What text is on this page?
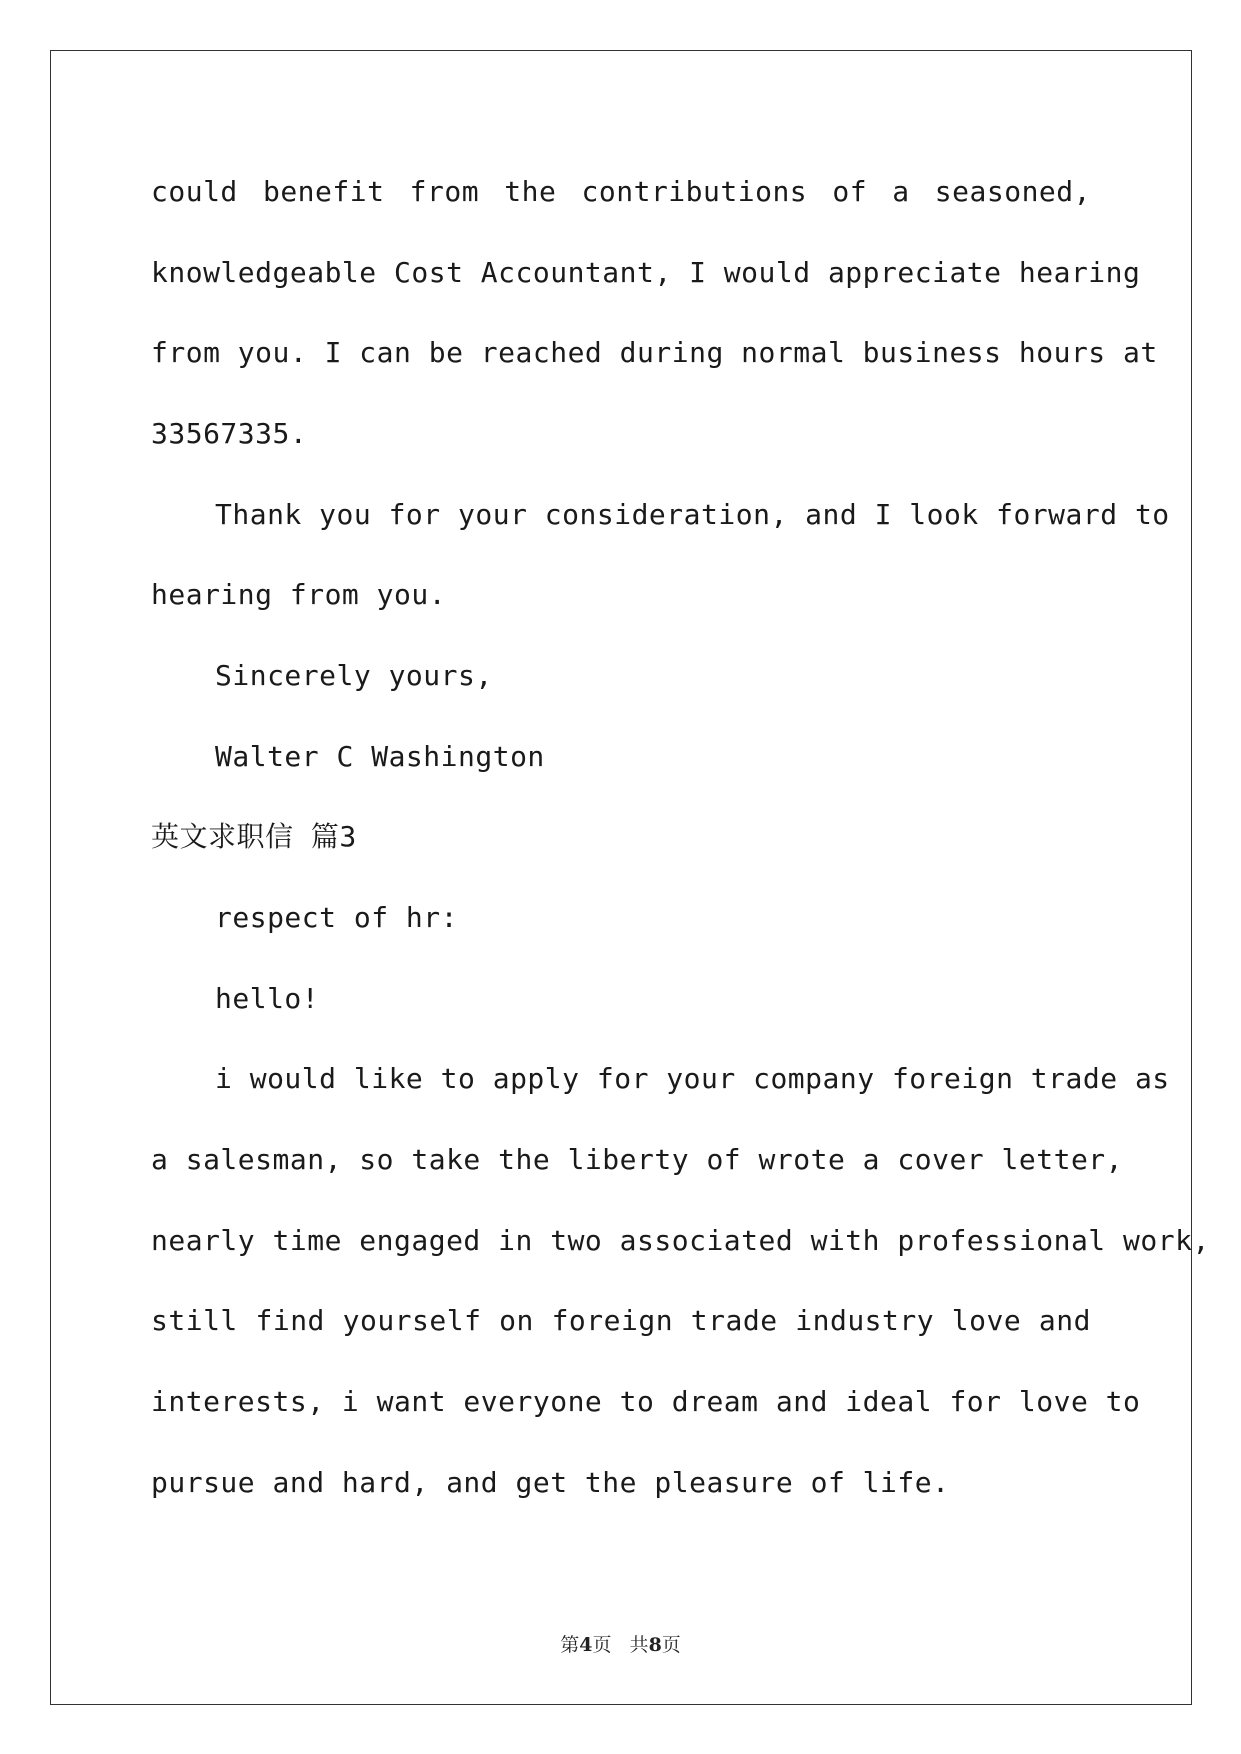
could benefit from the contributions of a seasoned,
knowledgeable Cost Accountant, I would appreciate hearing
from you. I can be reached during normal business hours at
33567335.
Thank you for your consideration, and I look forward to
hearing from you.
Sincerely yours,
Walter C Washington
英文求职信 篇3
respect of hr:
hello!
i would like to apply for your company foreign trade as
a salesman, so take the liberty of wrote a cover letter,
nearly time engaged in two associated with professional work,
still find yourself on foreign trade industry love and
interests, i want everyone to dream and ideal for love to
pursue and hard, and get the pleasure of life.
第4页   共8页
